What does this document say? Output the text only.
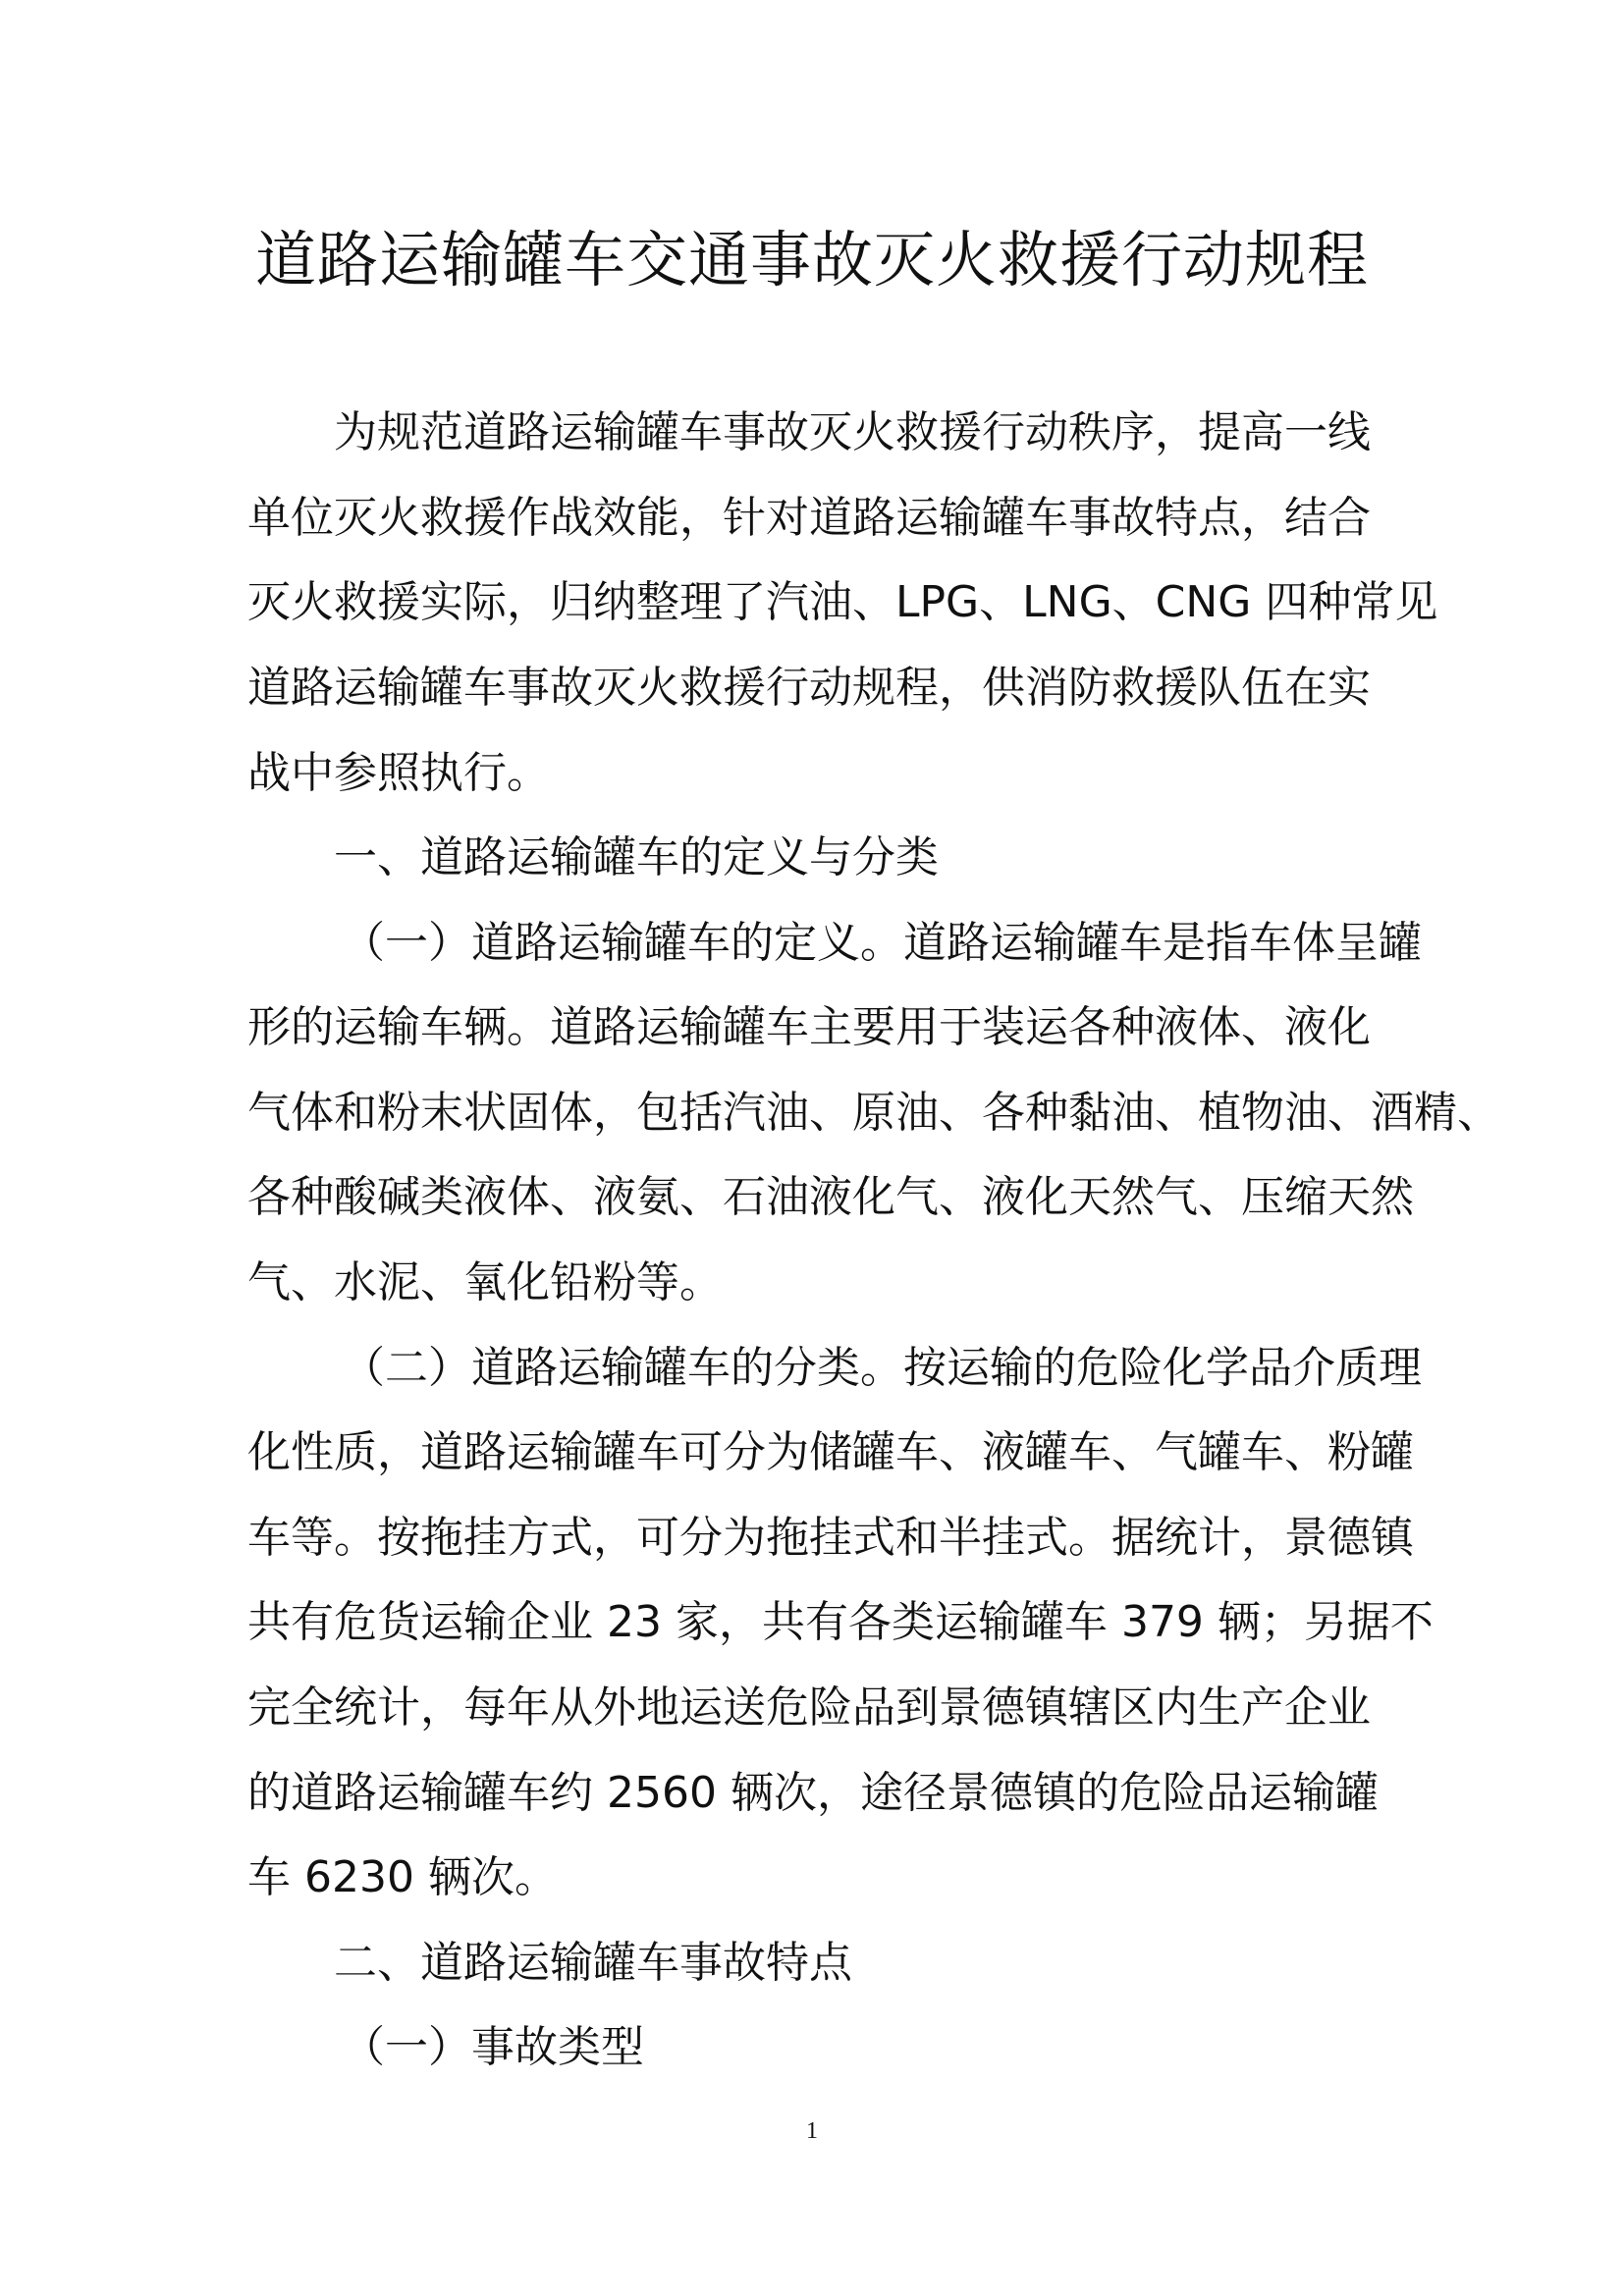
道路运输罐车交通事故灭火救援行动规程
为规范道路运输罐车事故灭火救援行动秩序，提高一线
单位灭火救援作战效能，针对道路运输罐车事故特点，结合
灭火救援实际，归纳整理了汽油、LPG、LNG、CNG 四种常见
道路运输罐车事故灭火救援行动规程，供消防救援队伍在实
战中参照执行。
一、道路运输罐车的定义与分类
（一）道路运输罐车的定义。道路运输罐车是指车体呈罐
形的运输车辆。道路运输罐车主要用于装运各种液体、液化
气体和粉末状固体，包括汽油、原油、各种黏油、植物油、酒精、
各种酸碱类液体、液氨、石油液化气、液化天然气、压缩天然
气、水泥、氧化铅粉等。
（二）道路运输罐车的分类。按运输的危险化学品介质理
化性质，道路运输罐车可分为储罐车、液罐车、气罐车、粉罐
车等。按拖挂方式，可分为拖挂式和半挂式。据统计，景德镇
共有危货运输企业 23 家，共有各类运输罐车 379 辆；另据不
完全统计，每年从外地运送危险品到景德镇辖区内生产企业
的道路运输罐车约 2560 辆次，途径景德镇的危险品运输罐
车 6230 辆次。
二、道路运输罐车事故特点
（一）事故类型
1
